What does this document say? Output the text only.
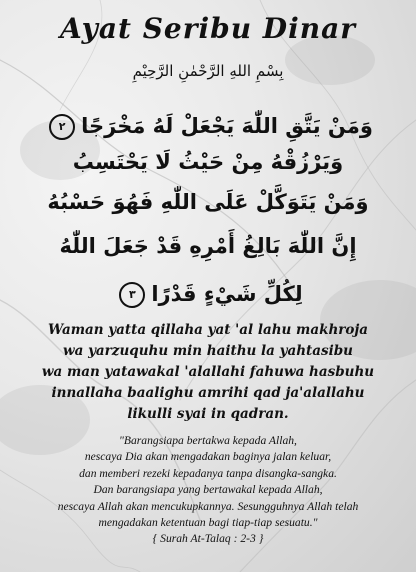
Ayat Seribu Dinar
بِسْمِ اللهِ الرَّحْمٰنِ الرَّحِيْمِ
وَمَنْ يَتَّقِ اللّٰهَ يَجْعَلْ لَهُ مَخْرَجًا٢
وَيَرْزُقْهُ مِنْ حَيْثُ لَا يَحْتَسِبُ
وَمَنْ يَتَوَكَّلْ عَلَى اللّٰهِ فَهُوَ حَسْبُهُ
إِنَّ اللّٰهَ بَالِغُ أَمْرِهِ قَدْ جَعَلَ اللّٰهُ
لِكُلِّ شَيْءٍ قَدْرًا٣
Waman yatta qillaha yat 'al lahu makhroja
wa yarzuquhu min haithu la yahtasibu
wa man yatawakal 'alallahi fahuwa hasbuhu
innallaha baalighu amrihi qad ja'alallahu
likulli syai in qadran.
"Barangsiapa bertakwa kepada Allah,
nescaya Dia akan mengadakan baginya jalan keluar,
dan memberi rezeki kepadanya tanpa disangka-sangka.
Dan barangsiapa yang bertawakal kepada Allah,
nescaya Allah akan mencukupkannya. Sesungguhnya Allah telah
mengadakan ketentuan bagi tiap-tiap sesuatu."
{ Surah At-Talaq : 2-3 }
